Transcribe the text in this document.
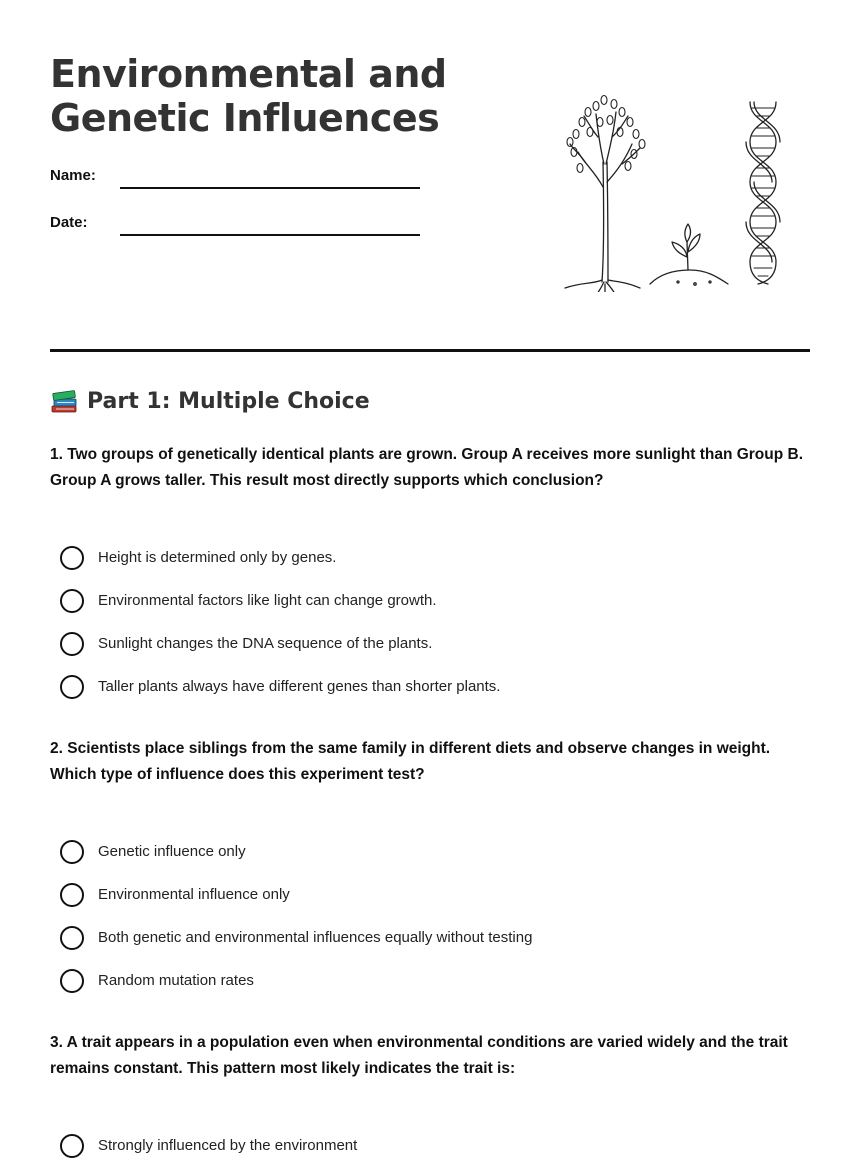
Environmental and
Genetic Influences
Name:
Date:
Part 1: Multiple Choice
1. Two groups of genetically identical plants are grown. Group A receives more sunlight than Group B. Group A grows taller. This result most directly supports which conclusion?
Height is determined only by genes.
Environmental factors like light can change growth.
Sunlight changes the DNA sequence of the plants.
Taller plants always have different genes than shorter plants.
2. Scientists place siblings from the same family in different diets and observe changes in weight. Which type of influence does this experiment test?
Genetic influence only
Environmental influence only
Both genetic and environmental influences equally without testing
Random mutation rates
3. A trait appears in a population even when environmental conditions are varied widely and the trait remains constant. This pattern most likely indicates the trait is:
Strongly influenced by the environment
